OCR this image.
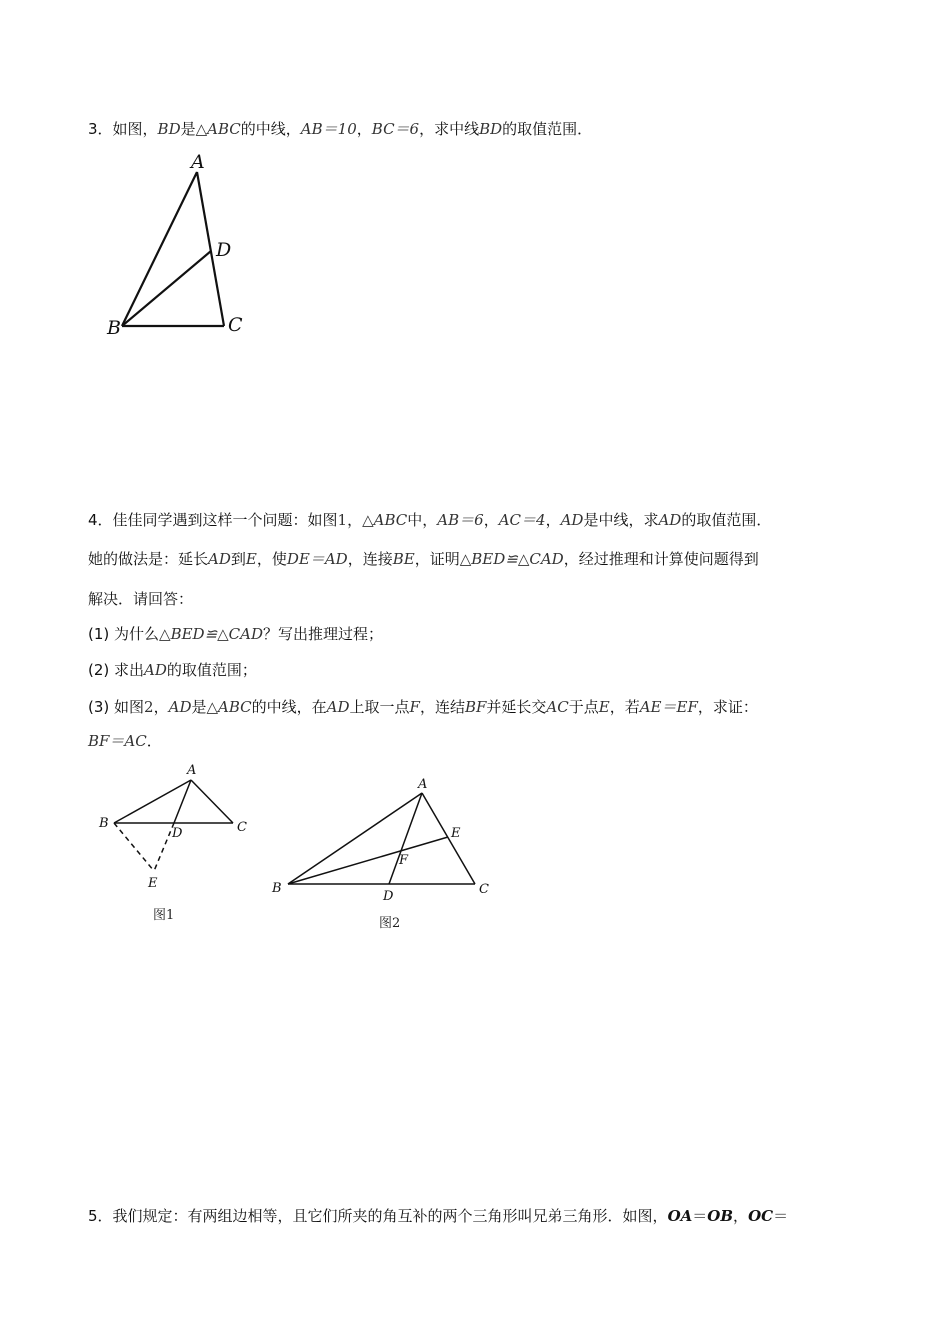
3．如图，BD是△ABC的中线，AB＝10，BC＝6，求中线BD的取值范围．
A
D
B	C
4．佳佳同学遇到这样一个问题：如图1，△ABC中，AB＝6，AC＝4，AD是中线，求AD的取值范围．
她的做法是：延长AD到E，使DE＝AD，连接BE，证明△BED≌△CAD，经过推理和计算使问题得到
解决．请回答：
(1) 为什么△BED≌△CAD？写出推理过程；
(2) 求出AD的取值范围；
(3) 如图2，AD是△ABC的中线，在AD上取一点F，连结BF并延长交AC于点E，若AE＝EF，求证：
BF＝AC．
A
B	C
D
E
图1
A
E
F
B
D	C
图2
5．我们规定：有两组边相等，且它们所夹的角互补的两个三角形叫兄弟三角形．如图，OA＝OB，OC＝
